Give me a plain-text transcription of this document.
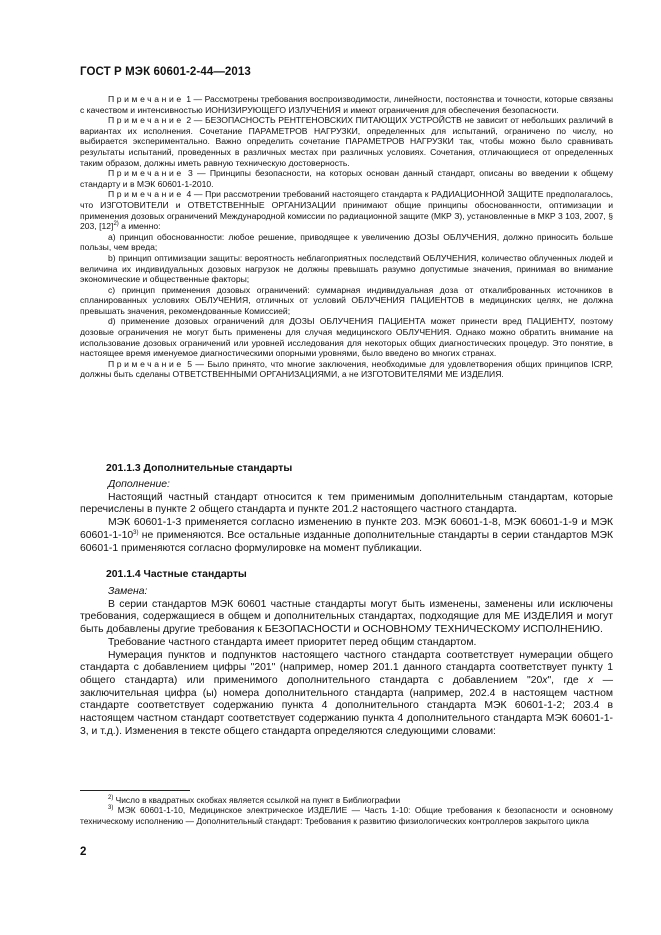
ГОСТ Р МЭК 60601-2-44—2013

Примечание 1 — Рассмотрены требования воспроизводимости, линейности, постоянства и точности, которые связаны с качеством и интенсивностью ИОНИЗИРУЮЩЕГО ИЗЛУЧЕНИЯ и имеют ограничения для обеспечения безопасности.

Примечание 2 — БЕЗОПАСНОСТЬ РЕНТГЕНОВСКИХ ПИТАЮЩИХ УСТРОЙСТВ не зависит от небольших различий в вариантах их исполнения. Сочетание ПАРАМЕТРОВ НАГРУЗКИ, определенных для испытаний, ограничено по числу, но выбирается экспериментально. Важно определить сочетание ПАРАМЕТРОВ НАГРУЗКИ так, чтобы можно было сравнивать результаты испытаний, проведенных в различных местах при различных условиях. Сочетания, отличающиеся от определенных таким образом, должны иметь равную техническую достоверность.

Примечание 3 — Принципы безопасности, на которых основан данный стандарт, описаны во введении к общему стандарту и в МЭК 60601-1-2010.

Примечание 4 — При рассмотрении требований настоящего стандарта к РАДИАЦИОННОЙ ЗАЩИТЕ предполагалось, что ИЗГОТОВИТЕЛИ и ОТВЕТСТВЕННЫЕ ОРГАНИЗАЦИИ принимают общие принципы обоснованности, оптимизации и применения дозовых ограничений Международной комиссии по радиационной защите (МКР З), установленные в МКР 3 103, 2007, § 203, $[12]^{2)}$ а именно:

a) принцип обоснованности: любое решение, приводящее к увеличению ДОЗЫ ОБЛУЧЕНИЯ, должно приносить больше пользы, чем вреда;

b) принцип оптимизации защиты: вероятность неблагоприятных последствий ОБЛУЧЕНИЯ, количество облученных людей и величина их индивидуальных дозовых нагрузок не должны превышать разумно допустимые значения, принимая во внимание экономические и общественные факторы;

c) принцип применения дозовых ограничений: суммарная индивидуальная доза от откалиброванных источников в спланированных условиях ОБЛУЧЕНИЯ, отличных от условий ОБЛУЧЕНИЯ ПАЦИЕНТОВ в медицинских целях, не должна превышать значения, рекомендованные Комиссией;

d) применение дозовых ограничений для ДОЗЫ ОБЛУЧЕНИЯ ПАЦИЕНТА может принести вред ПАЦИЕНТУ, поэтому дозовые ограничения не могут быть применены для случая медицинского ОБЛУЧЕНИЯ. Однако можно обратить внимание на использование дозовых ограничений или уровней исследования для некоторых общих диагностических процедур. Это понятие, в настоящее время именуемое диагностическими опорными уровнями, было введено во многих странах.

Примечание 5 — Было принято, что многие заключения, необходимые для удовлетворения общих принципов ICRP, должны быть сделаны ОТВЕТСТВЕННЫМИ ОРГАНИЗАЦИЯМИ, а не ИЗГОТОВИТЕЛЯМИ МЕ ИЗДЕЛИЯ.

201.1.3 Дополнительные стандарты

Дополнение:

Настоящий частный стандарт относится к тем применимым дополнительным стандартам, которые перечислены в пункте 2 общего стандарта и пункте 201.2 настоящего частного стандарта.

МЭК 60601-1-3 применяется согласно изменению в пункте 203. МЭК 60601-1-8, МЭК 60601-1-9 и МЭК 60601-1-10$^{3)}$ не применяются. Все остальные изданные дополнительные стандарты в серии стандартов МЭК 60601-1 применяются согласно формулировке на момент публикации.

201.1.4 Частные стандарты

Замена:

В серии стандартов МЭК 60601 частные стандарты могут быть изменены, заменены или исключены требования, содержащиеся в общем и дополнительных стандартах, подходящие для МЕ ИЗДЕЛИЯ и могут быть добавлены другие требования к БЕЗОПАСНОСТИ и ОСНОВНОМУ ТЕХНИЧЕСКОМУ ИСПОЛНЕНИЮ.

Требование частного стандарта имеет приоритет перед общим стандартом.

Нумерация пунктов и подпунктов настоящего частного стандарта соответствует нумерации общего стандарта с добавлением цифры "201" (например, номер 201.1 данного стандарта соответствует пункту 1 общего стандарта) или применимого дополнительного стандарта с добавлением "20x", где x — заключительная цифра (ы) номера дополнительного стандарта (например, 202.4 в настоящем частном стандарте соответствует содержанию пункта 4 дополнительного стандарта МЭК 60601-1-2; 203.4 в настоящем частном стандарт соответствует содержанию пункта 4 дополнительного стандарта МЭК 60601-1-3, и т.д.). Изменения в тексте общего стандарта определяются следующими словами:

$^{2)}$ Число в квадратных скобках является ссылкой на пункт в Библиографии

$^{3)}$ МЭК 60601-1-10, Медицинское электрическое ИЗДЕЛИЕ — Часть 1-10: Общие требования к безопасности и основному техническому исполнению — Дополнительный стандарт: Требования к развитию физиологических контроллеров закрытого цикла

2
